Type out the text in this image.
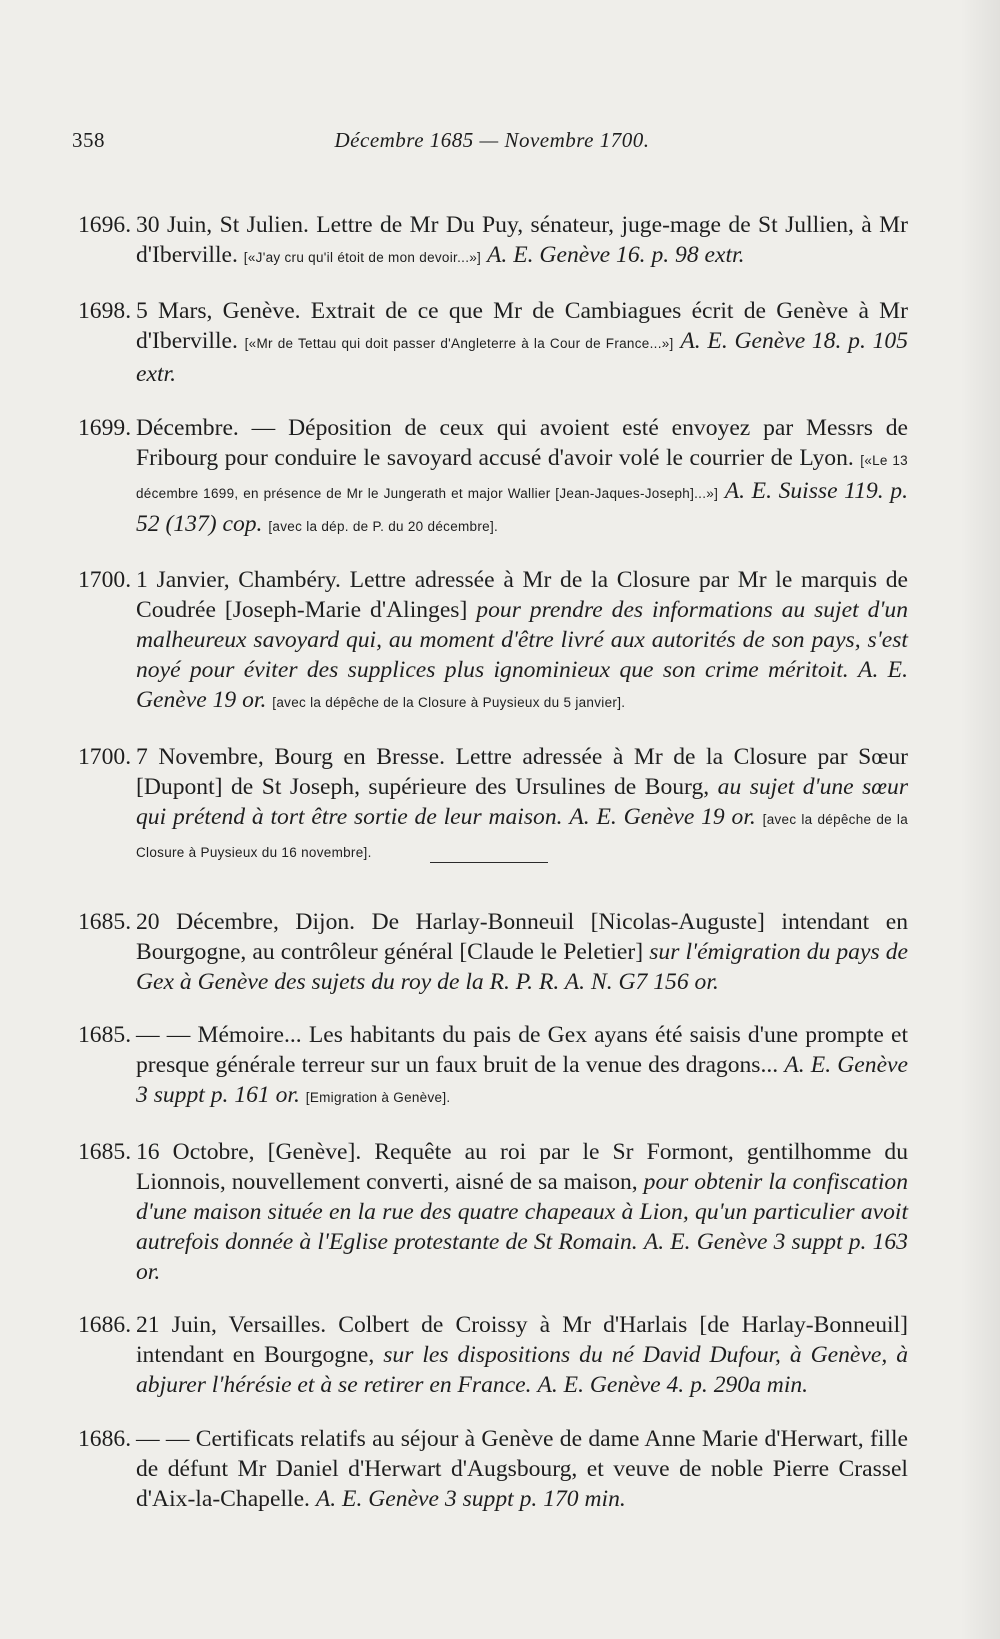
358	Décembre 1685 — Novembre 1700.

1696. 30 Juin, St Julien. Lettre de Mr Du Puy, sénateur, juge-mage de St Jullien, à Mr d'Iberville. [«J'ay cru qu'il étoit de mon devoir...»] A. E. Genève 16. p. 98 extr.

1698. 5 Mars, Genève. Extrait de ce que Mr de Cambiagues écrit de Genève à Mr d'Iberville. [«Mr de Tettau qui doit passer d'Angleterre à la Cour de France...»] A. E. Genève 18. p. 105 extr.

1699. Décembre. — Déposition de ceux qui avoient esté envoyez par Messrs de Fribourg pour conduire le savoyard accusé d'avoir volé le courrier de Lyon. [«Le 13 décembre 1699, en présence de Mr le Jungerath et major Wallier [Jean-Jaques-Joseph]...»] A. E. Suisse 119. p. 52 (137) cop. [avec la dép. de P. du 20 décembre].

1700. 1 Janvier, Chambéry. Lettre adressée à Mr de la Closure par Mr le marquis de Coudrée [Joseph-Marie d'Alinges] pour prendre des informations au sujet d'un malheureux savoyard qui, au moment d'être livré aux autorités de son pays, s'est noyé pour éviter des supplices plus ignominieux que son crime méritoit. A. E. Genève 19 or. [avec la dépêche de la Closure à Puysieux du 5 janvier].

1700. 7 Novembre, Bourg en Bresse. Lettre adressée à Mr de la Closure par Sœur [Dupont] de St Joseph, supérieure des Ursulines de Bourg, au sujet d'une sœur qui prétend à tort être sortie de leur maison. A. E. Genève 19 or. [avec la dépêche de la Closure à Puysieux du 16 novembre].

1685. 20 Décembre, Dijon. De Harlay-Bonneuil [Nicolas-Auguste] intendant en Bourgogne, au contrôleur général [Claude le Peletier] sur l'émigration du pays de Gex à Genève des sujets du roy de la R. P. R. A. N. G7 156 or.

1685. — — Mémoire... Les habitants du pais de Gex ayans été saisis d'une prompte et presque générale terreur sur un faux bruit de la venue des dragons... A. E. Genève 3 suppt p. 161 or. [Emigration à Genève].

1685. 16 Octobre, [Genève]. Requête au roi par le Sr Formont, gentilhomme du Lionnois, nouvellement converti, aisné de sa maison, pour obtenir la confiscation d'une maison située en la rue des quatre chapeaux à Lion, qu'un particulier avoit autrefois donnée à l'Eglise protestante de St Romain. A. E. Genève 3 suppt p. 163 or.

1686. 21 Juin, Versailles. Colbert de Croissy à Mr d'Harlais [de Harlay-Bonneuil] intendant en Bourgogne, sur les dispositions du né David Dufour, à Genève, à abjurer l'hérésie et à se retirer en France. A. E. Genève 4. p. 290a min.

1686. — — Certificats relatifs au séjour à Genève de dame Anne Marie d'Herwart, fille de défunt Mr Daniel d'Herwart d'Augsbourg, et veuve de noble Pierre Crassel d'Aix-la-Chapelle. A. E. Genève 3 suppt p. 170 min.
